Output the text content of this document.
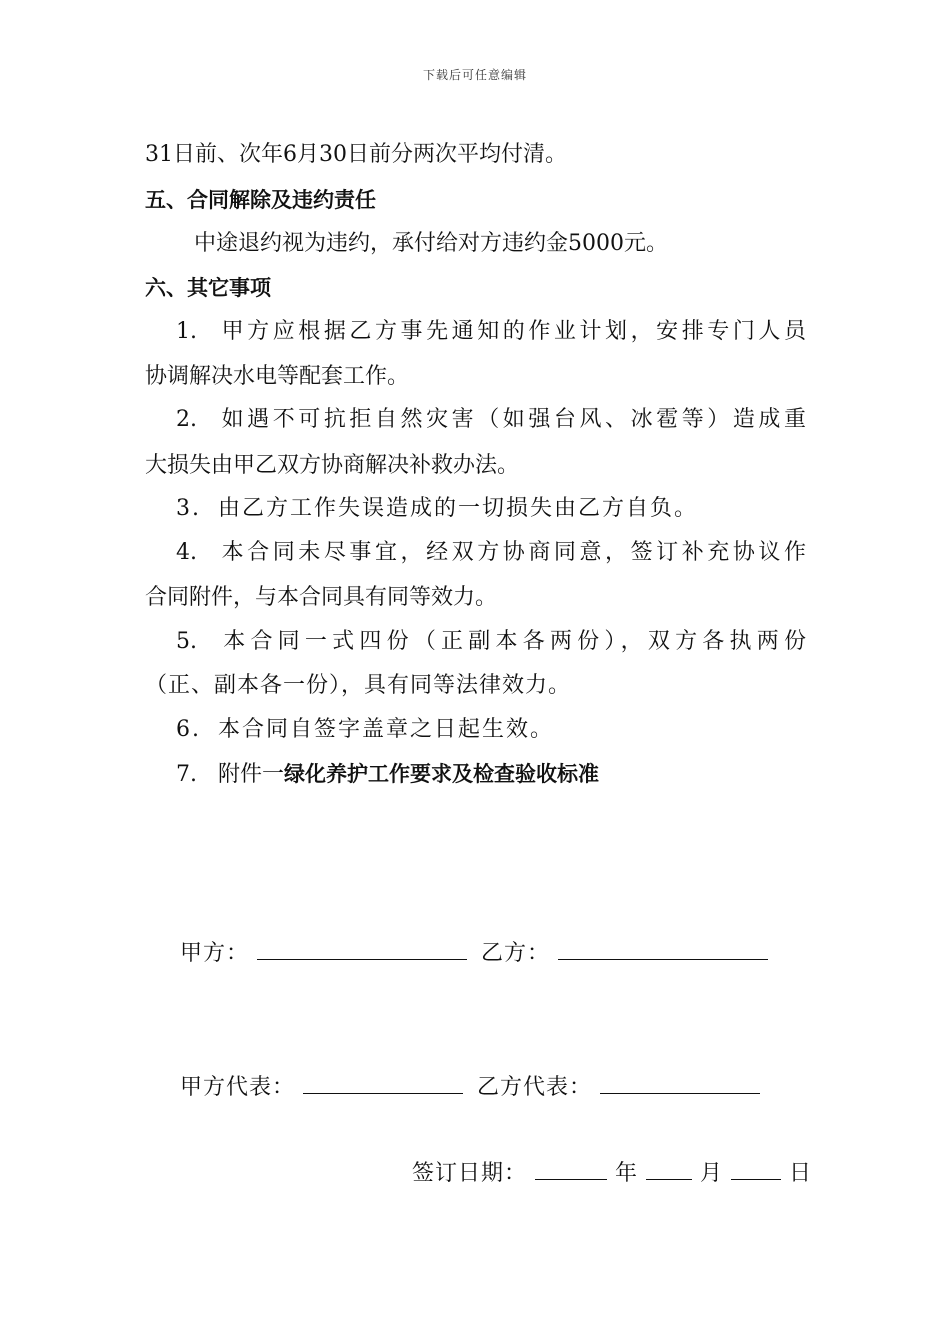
下载后可任意编辑
31日前、次年6月30日前分两次平均付清。
五、合同解除及违约责任
中途退约视为违约，承付给对方违约金5000元。
六、其它事项
1. 甲方应根据乙方事先通知的作业计划，安排专门人员
协调解决水电等配套工作。
2. 如遇不可抗拒自然灾害（如强台风、冰雹等）造成重
大损失由甲乙双方协商解决补救办法。
3. 由乙方工作失误造成的一切损失由乙方自负。
4. 本合同未尽事宜，经双方协商同意，签订补充协议作
合同附件，与本合同具有同等效力。
5. 本合同一式四份（正副本各两份），双方各执两份
（正、副本各一份），具有同等法律效力。
6. 本合同自签字盖章之日起生效。
7. 附件一绿化养护工作要求及检查验收标准
甲方：	乙方：
甲方代表：	乙方代表：
签订日期：	年	月	日
